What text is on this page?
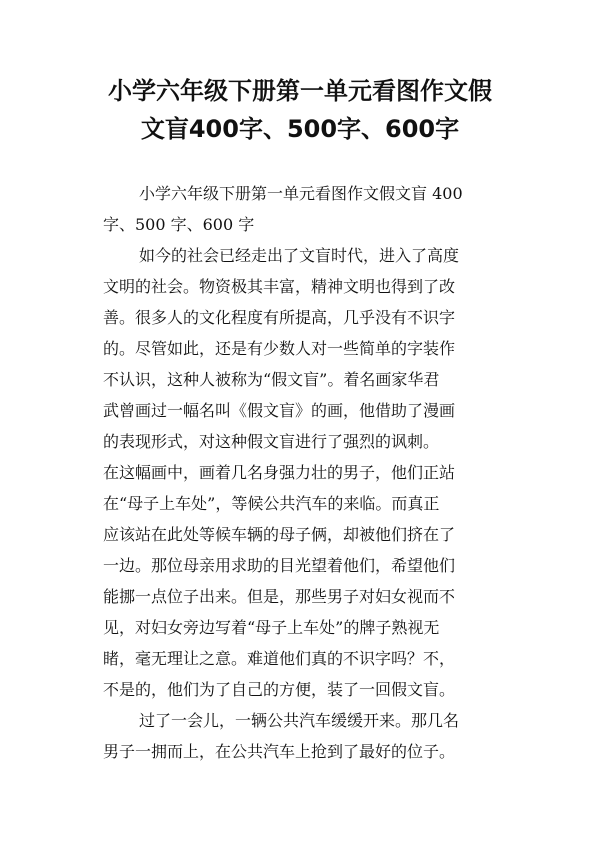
小学六年级下册第一单元看图作文假
文盲400字、500字、600字
小学六年级下册第一单元看图作文假文盲 400
字、500 字、600 字
如今的社会已经走出了文盲时代，进入了高度
文明的社会。物资极其丰富，精神文明也得到了改
善。很多人的文化程度有所提高，几乎没有不识字
的。尽管如此，还是有少数人对一些简单的字装作
不认识，这种人被称为“假文盲”。着名画家华君
武曾画过一幅名叫《假文盲》的画，他借助了漫画
的表现形式，对这种假文盲进行了强烈的讽刺。
在这幅画中，画着几名身强力壮的男子，他们正站
在“母子上车处”，等候公共汽车的来临。而真正
应该站在此处等候车辆的母子俩，却被他们挤在了
一边。那位母亲用求助的目光望着他们，希望他们
能挪一点位子出来。但是，那些男子对妇女视而不
见，对妇女旁边写着“母子上车处”的牌子熟视无
睹，毫无理让之意。难道他们真的不识字吗？不，
不是的，他们为了自己的方便，装了一回假文盲。
过了一会儿，一辆公共汽车缓缓开来。那几名
男子一拥而上，在公共汽车上抢到了最好的位子。
